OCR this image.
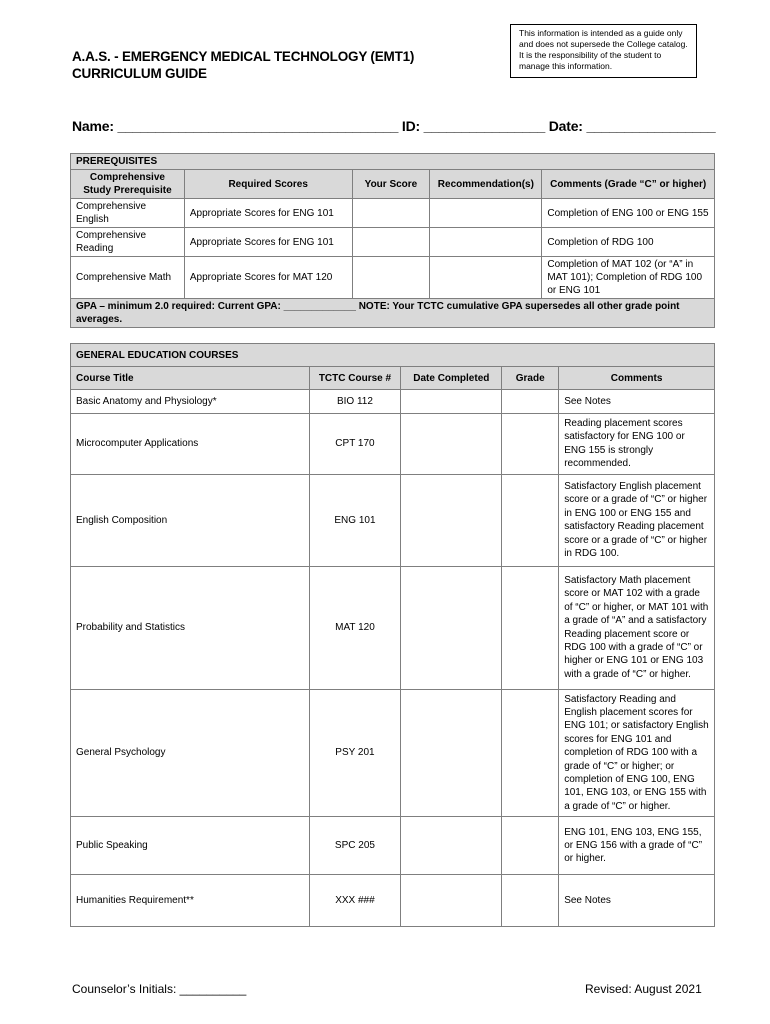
A.A.S. - EMERGENCY MEDICAL TECHNOLOGY (EMT1)
CURRICULUM GUIDE
This information is intended as a guide only and does not supersede the College catalog. It is the responsibility of the student to manage this information.
Name: _____________________________________ ID: ________________ Date: _________________
PREREQUISITES				
Comprehensive Study Prerequisite	Required Scores	Your Score	Recommendation(s)	Comments (Grade “C” or higher)
Comprehensive English	Appropriate Scores for ENG 101			Completion of ENG 100 or ENG 155
Comprehensive Reading	Appropriate Scores for ENG 101			Completion of RDG 100
Comprehensive Math	Appropriate Scores for MAT 120			Completion of MAT 102 (or “A” in MAT 101); Completion of RDG 100 or ENG 101
GPA – minimum 2.0 required: Current GPA: _____________ NOTE: Your TCTC cumulative GPA supersedes all other grade point averages.				
GENERAL EDUCATION COURSES				
Course Title	TCTC Course #	Date Completed	Grade	Comments
Basic Anatomy and Physiology*	BIO 112			See Notes
Microcomputer Applications	CPT 170			Reading placement scores satisfactory for ENG 100 or ENG 155 is strongly recommended.
English Composition	ENG 101			Satisfactory English placement score or a grade of “C” or higher in ENG 100 or ENG 155 and satisfactory Reading placement score or a grade of “C” or higher in RDG 100.
Probability and Statistics	MAT 120			Satisfactory Math placement score or MAT 102 with a grade of “C” or higher, or MAT 101 with a grade of “A” and a satisfactory Reading placement score or RDG 100 with a grade of “C” or higher or ENG 101 or ENG 103 with a grade of “C” or higher.
General Psychology	PSY 201			Satisfactory Reading and English placement scores for ENG 101; or satisfactory English scores for ENG 101 and completion of RDG 100 with a grade of “C” or higher; or completion of ENG 100, ENG 101, ENG 103, or ENG 155 with a grade of “C” or higher.
Public Speaking	SPC 205			ENG 101, ENG 103, ENG 155, or ENG 156 with a grade of “C” or higher.
Humanities Requirement**	XXX ###			See Notes
Counselor’s Initials: __________	Revised: August 2021
